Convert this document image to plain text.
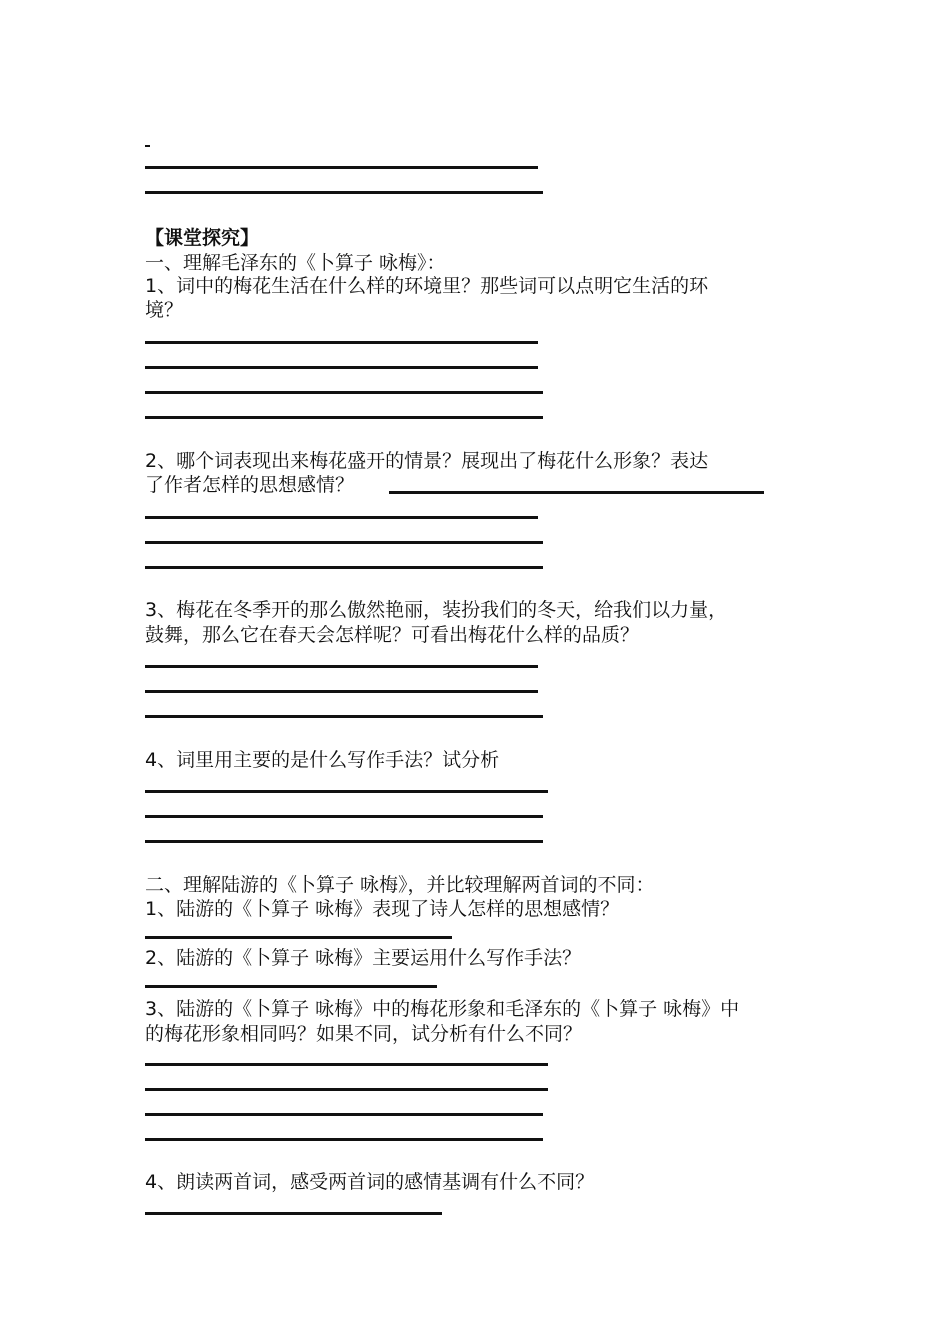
【课堂探究】
一、理解毛泽东的《卜算子 咏梅》：
1、词中的梅花生活在什么样的环境里？那些词可以点明它生活的环
境？
2、哪个词表现出来梅花盛开的情景？展现出了梅花什么形象？表达
了作者怎样的思想感情？
3、梅花在冬季开的那么傲然艳丽，装扮我们的冬天，给我们以力量，
鼓舞，那么它在春天会怎样呢？可看出梅花什么样的品质？
4、词里用主要的是什么写作手法？试分析
二、理解陆游的《卜算子 咏梅》，并比较理解两首词的不同：
1、陆游的《卜算子 咏梅》表现了诗人怎样的思想感情？
2、陆游的《卜算子 咏梅》主要运用什么写作手法？
3、陆游的《卜算子 咏梅》中的梅花形象和毛泽东的《卜算子 咏梅》中
的梅花形象相同吗？如果不同，试分析有什么不同？
4、朗读两首词，感受两首词的感情基调有什么不同？
